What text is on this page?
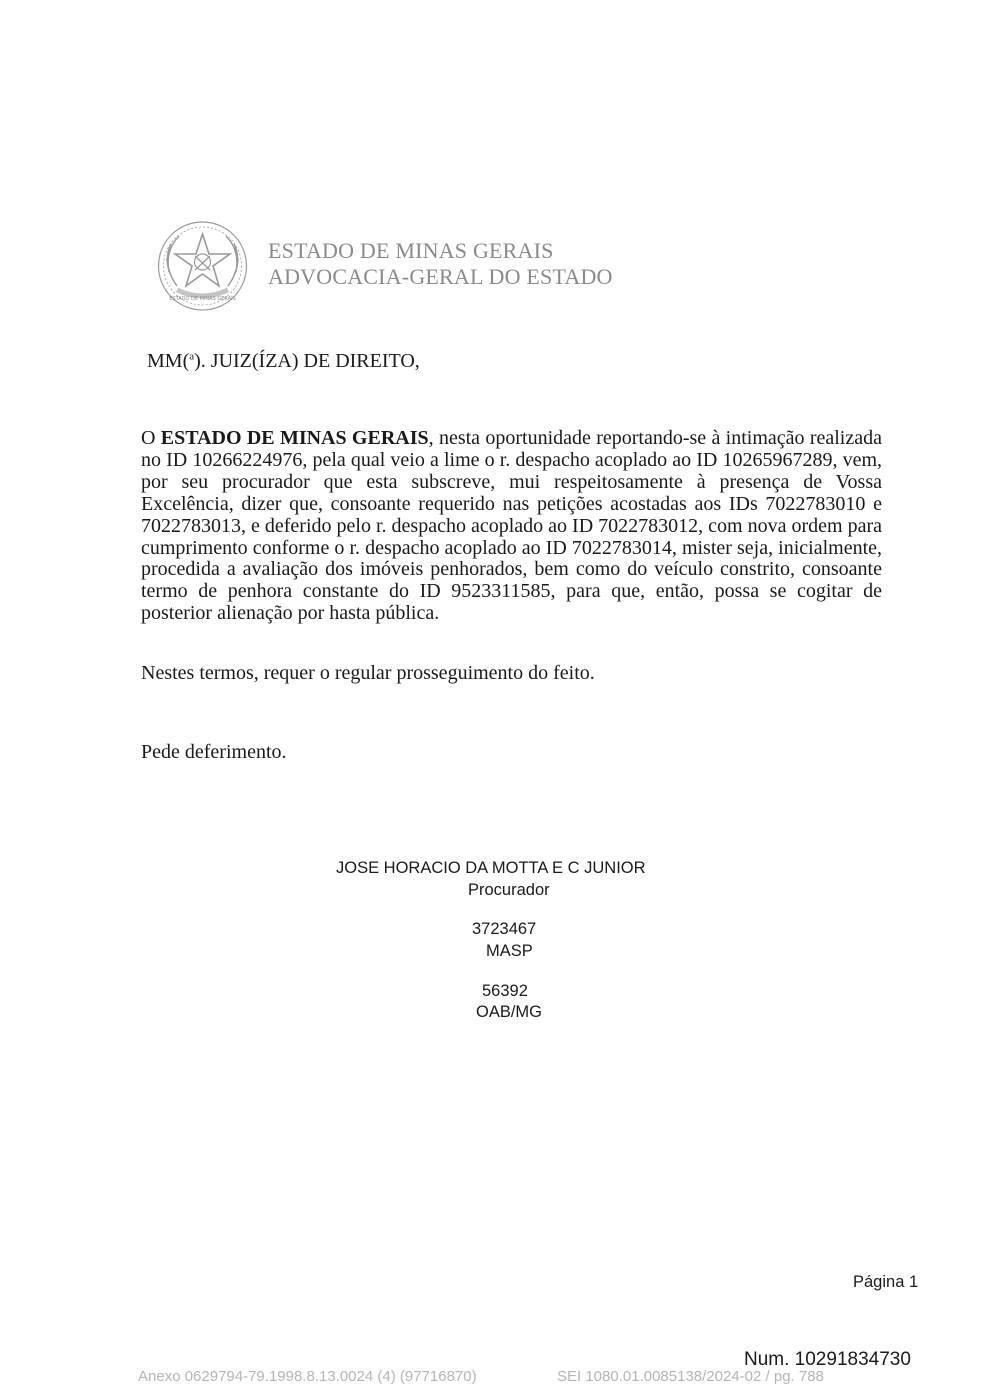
ESTADO DE MINAS GERAIS
ESTADO DE MINAS GERAIS
ADVOCACIA-GERAL DO ESTADO
MM($^a$). JUIZ(ÍZA) DE DIREITO,
O ESTADO DE MINAS GERAIS, nesta oportunidade reportando-se à intimação realizada no ID 10266224976, pela qual veio a lime o r. despacho acoplado ao ID 10265967289, vem, por seu procurador que esta subscreve, mui respeitosamente à presença de Vossa Excelência, dizer que, consoante requerido nas petições acostadas aos IDs 7022783010 e 7022783013, e deferido pelo r. despacho acoplado ao ID 7022783012, com nova ordem para cumprimento conforme o r. despacho acoplado ao ID 7022783014, mister seja, inicialmente, procedida a avaliação dos imóveis penhorados, bem como do veículo constrito, consoante termo de penhora constante do ID 9523311585, para que, então, possa se cogitar de posterior alienação por hasta pública.
Nestes termos, requer o regular prosseguimento do feito.
Pede deferimento.
JOSE HORACIO DA MOTTA E C JUNIOR
Procurador
3723467
MASP
56392
OAB/MG
Página 1
Num. 10291834730
Anexo 0629794-79.1998.8.13.0024 (4) (97716870)	SEI 1080.01.0085138/2024-02 / pg. 788
